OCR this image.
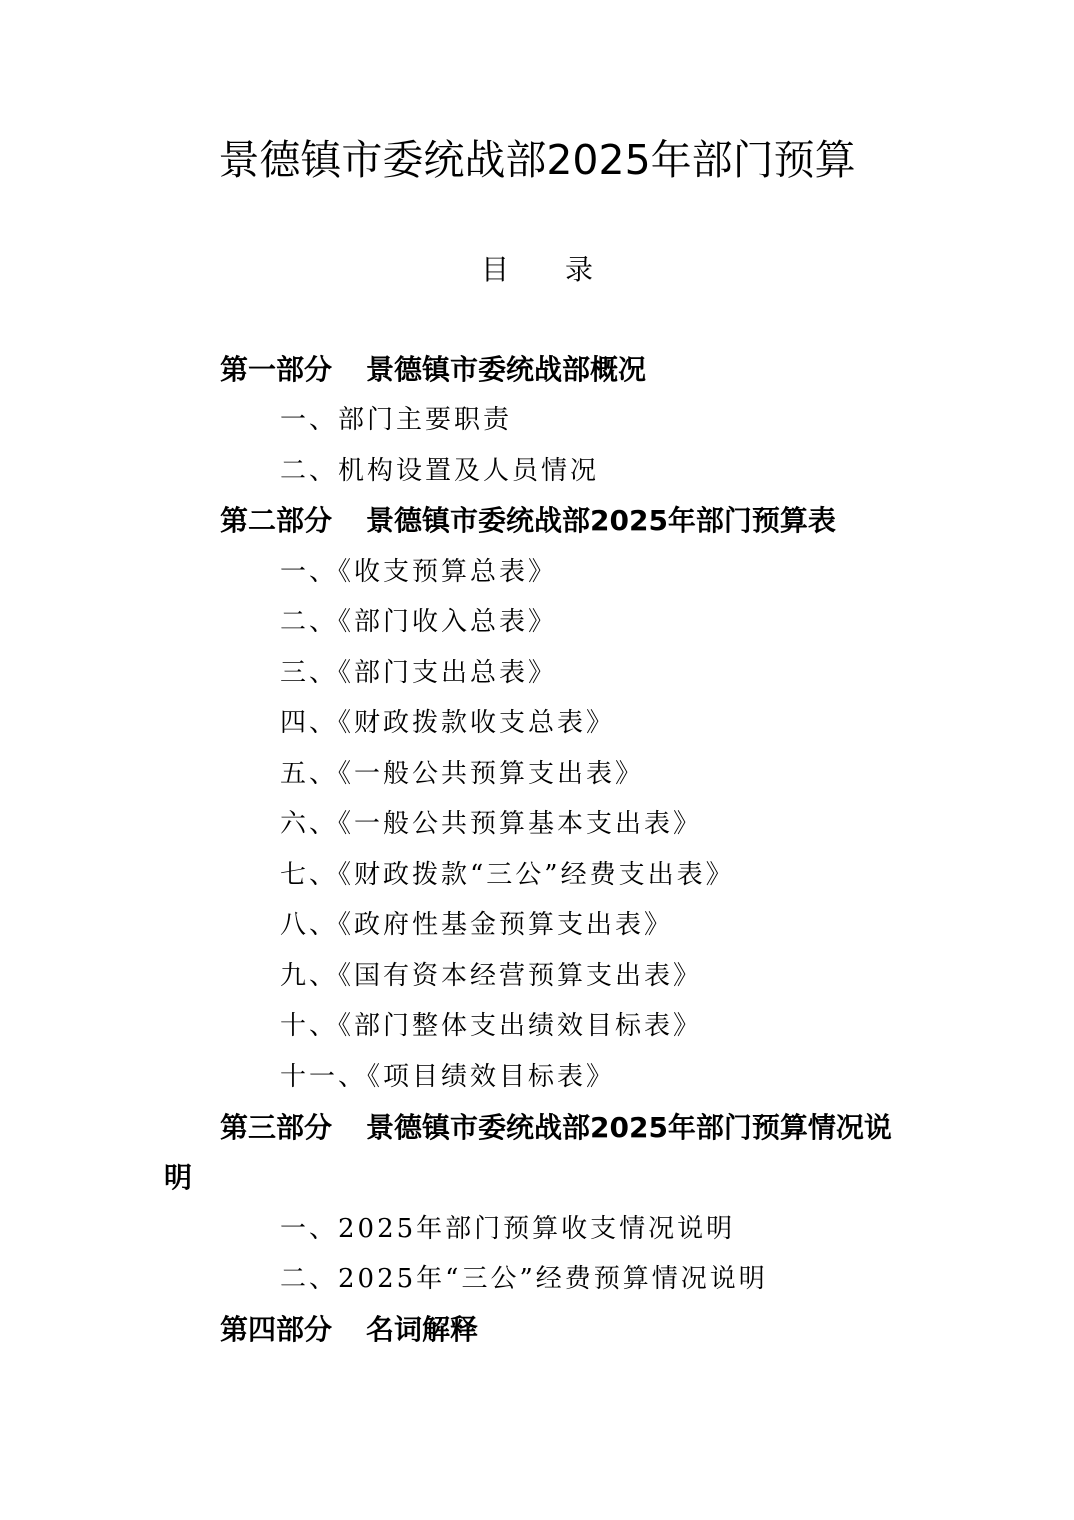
景德镇市委统战部2025年部门预算
目 录
第一部分 景德镇市委统战部概况
一、部门主要职责
二、机构设置及人员情况
第二部分 景德镇市委统战部2025年部门预算表
一、《收支预算总表》
二、《部门收入总表》
三、《部门支出总表》
四、《财政拨款收支总表》
五、《一般公共预算支出表》
六、《一般公共预算基本支出表》
七、《财政拨款“三公”经费支出表》
八、《政府性基金预算支出表》
九、《国有资本经营预算支出表》
十、《部门整体支出绩效目标表》
十一、《项目绩效目标表》
第三部分 景德镇市委统战部2025年部门预算情况说
明
一、2025年部门预算收支情况说明
二、2025年“三公”经费预算情况说明
第四部分 名词解释
